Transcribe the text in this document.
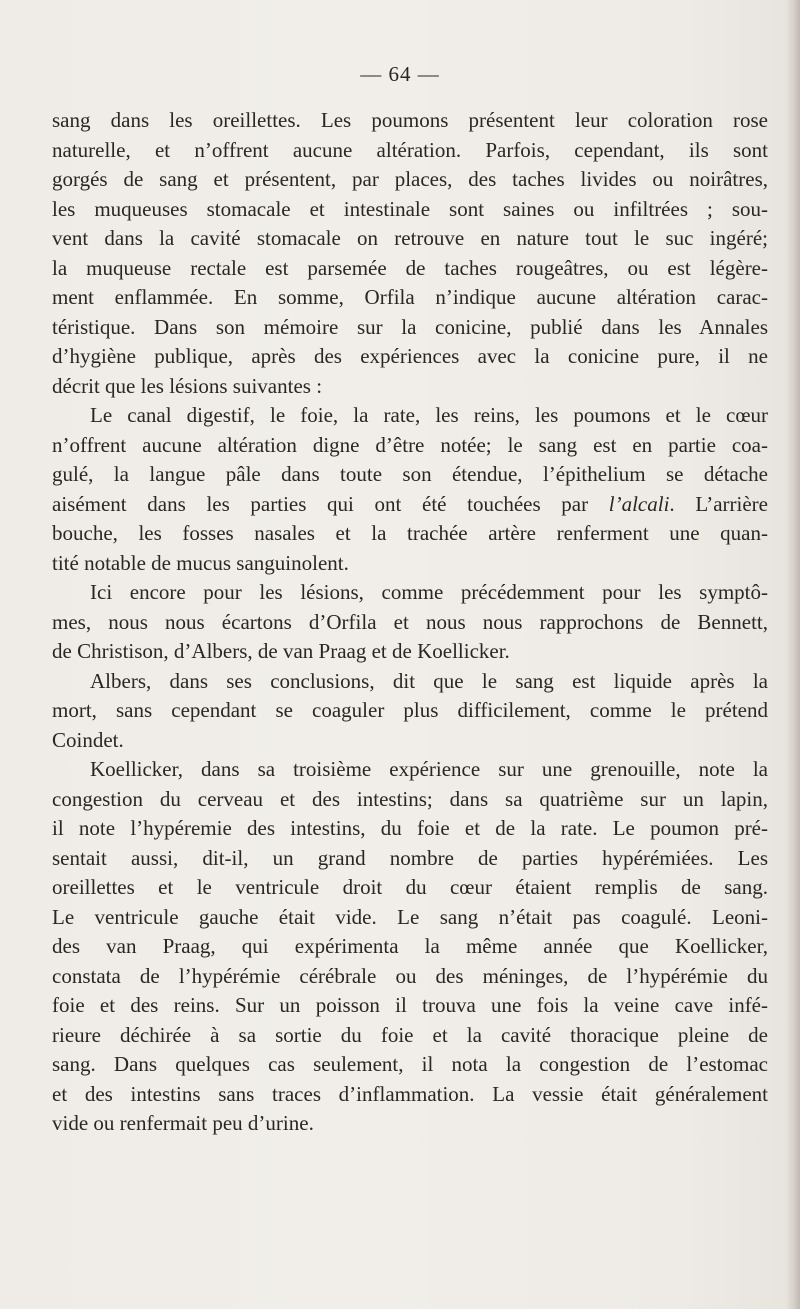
— 64 —
sang dans les oreillettes. Les poumons présentent leur coloration rose
naturelle, et n’offrent aucune altération. Parfois, cependant, ils sont
gorgés de sang et présentent, par places, des taches livides ou noirâtres,
les muqueuses stomacale et intestinale sont saines ou infiltrées ; sou-
vent dans la cavité stomacale on retrouve en nature tout le suc ingéré;
la muqueuse rectale est parsemée de taches rougeâtres, ou est légère-
ment enflammée. En somme, Orfila n’indique aucune altération carac-
téristique. Dans son mémoire sur la conicine, publié dans les Annales
d’hygiène publique, après des expériences avec la conicine pure, il ne
décrit que les lésions suivantes :
Le canal digestif, le foie, la rate, les reins, les poumons et le cœur
n’offrent aucune altération digne d’être notée; le sang est en partie coa-
gulé, la langue pâle dans toute son étendue, l’épithelium se détache
aisément dans les parties qui ont été touchées par l’alcali. L’arrière
bouche, les fosses nasales et la trachée artère renferment une quan-
tité notable de mucus sanguinolent.
Ici encore pour les lésions, comme précédemment pour les symptô-
mes, nous nous écartons d’Orfila et nous nous rapprochons de Bennett,
de Christison, d’Albers, de van Praag et de Koellicker.
Albers, dans ses conclusions, dit que le sang est liquide après la
mort, sans cependant se coaguler plus difficilement, comme le prétend
Coindet.
Koellicker, dans sa troisième expérience sur une grenouille, note la
congestion du cerveau et des intestins; dans sa quatrième sur un lapin,
il note l’hypéremie des intestins, du foie et de la rate. Le poumon pré-
sentait aussi, dit-il, un grand nombre de parties hypérémiées. Les
oreillettes et le ventricule droit du cœur étaient remplis de sang.
Le ventricule gauche était vide. Le sang n’était pas coagulé. Leoni-
des van Praag, qui expérimenta la même année que Koellicker,
constata de l’hypérémie cérébrale ou des méninges, de l’hypérémie du
foie et des reins. Sur un poisson il trouva une fois la veine cave infé-
rieure déchirée à sa sortie du foie et la cavité thoracique pleine de
sang. Dans quelques cas seulement, il nota la congestion de l’estomac
et des intestins sans traces d’inflammation. La vessie était généralement
vide ou renfermait peu d’urine.
